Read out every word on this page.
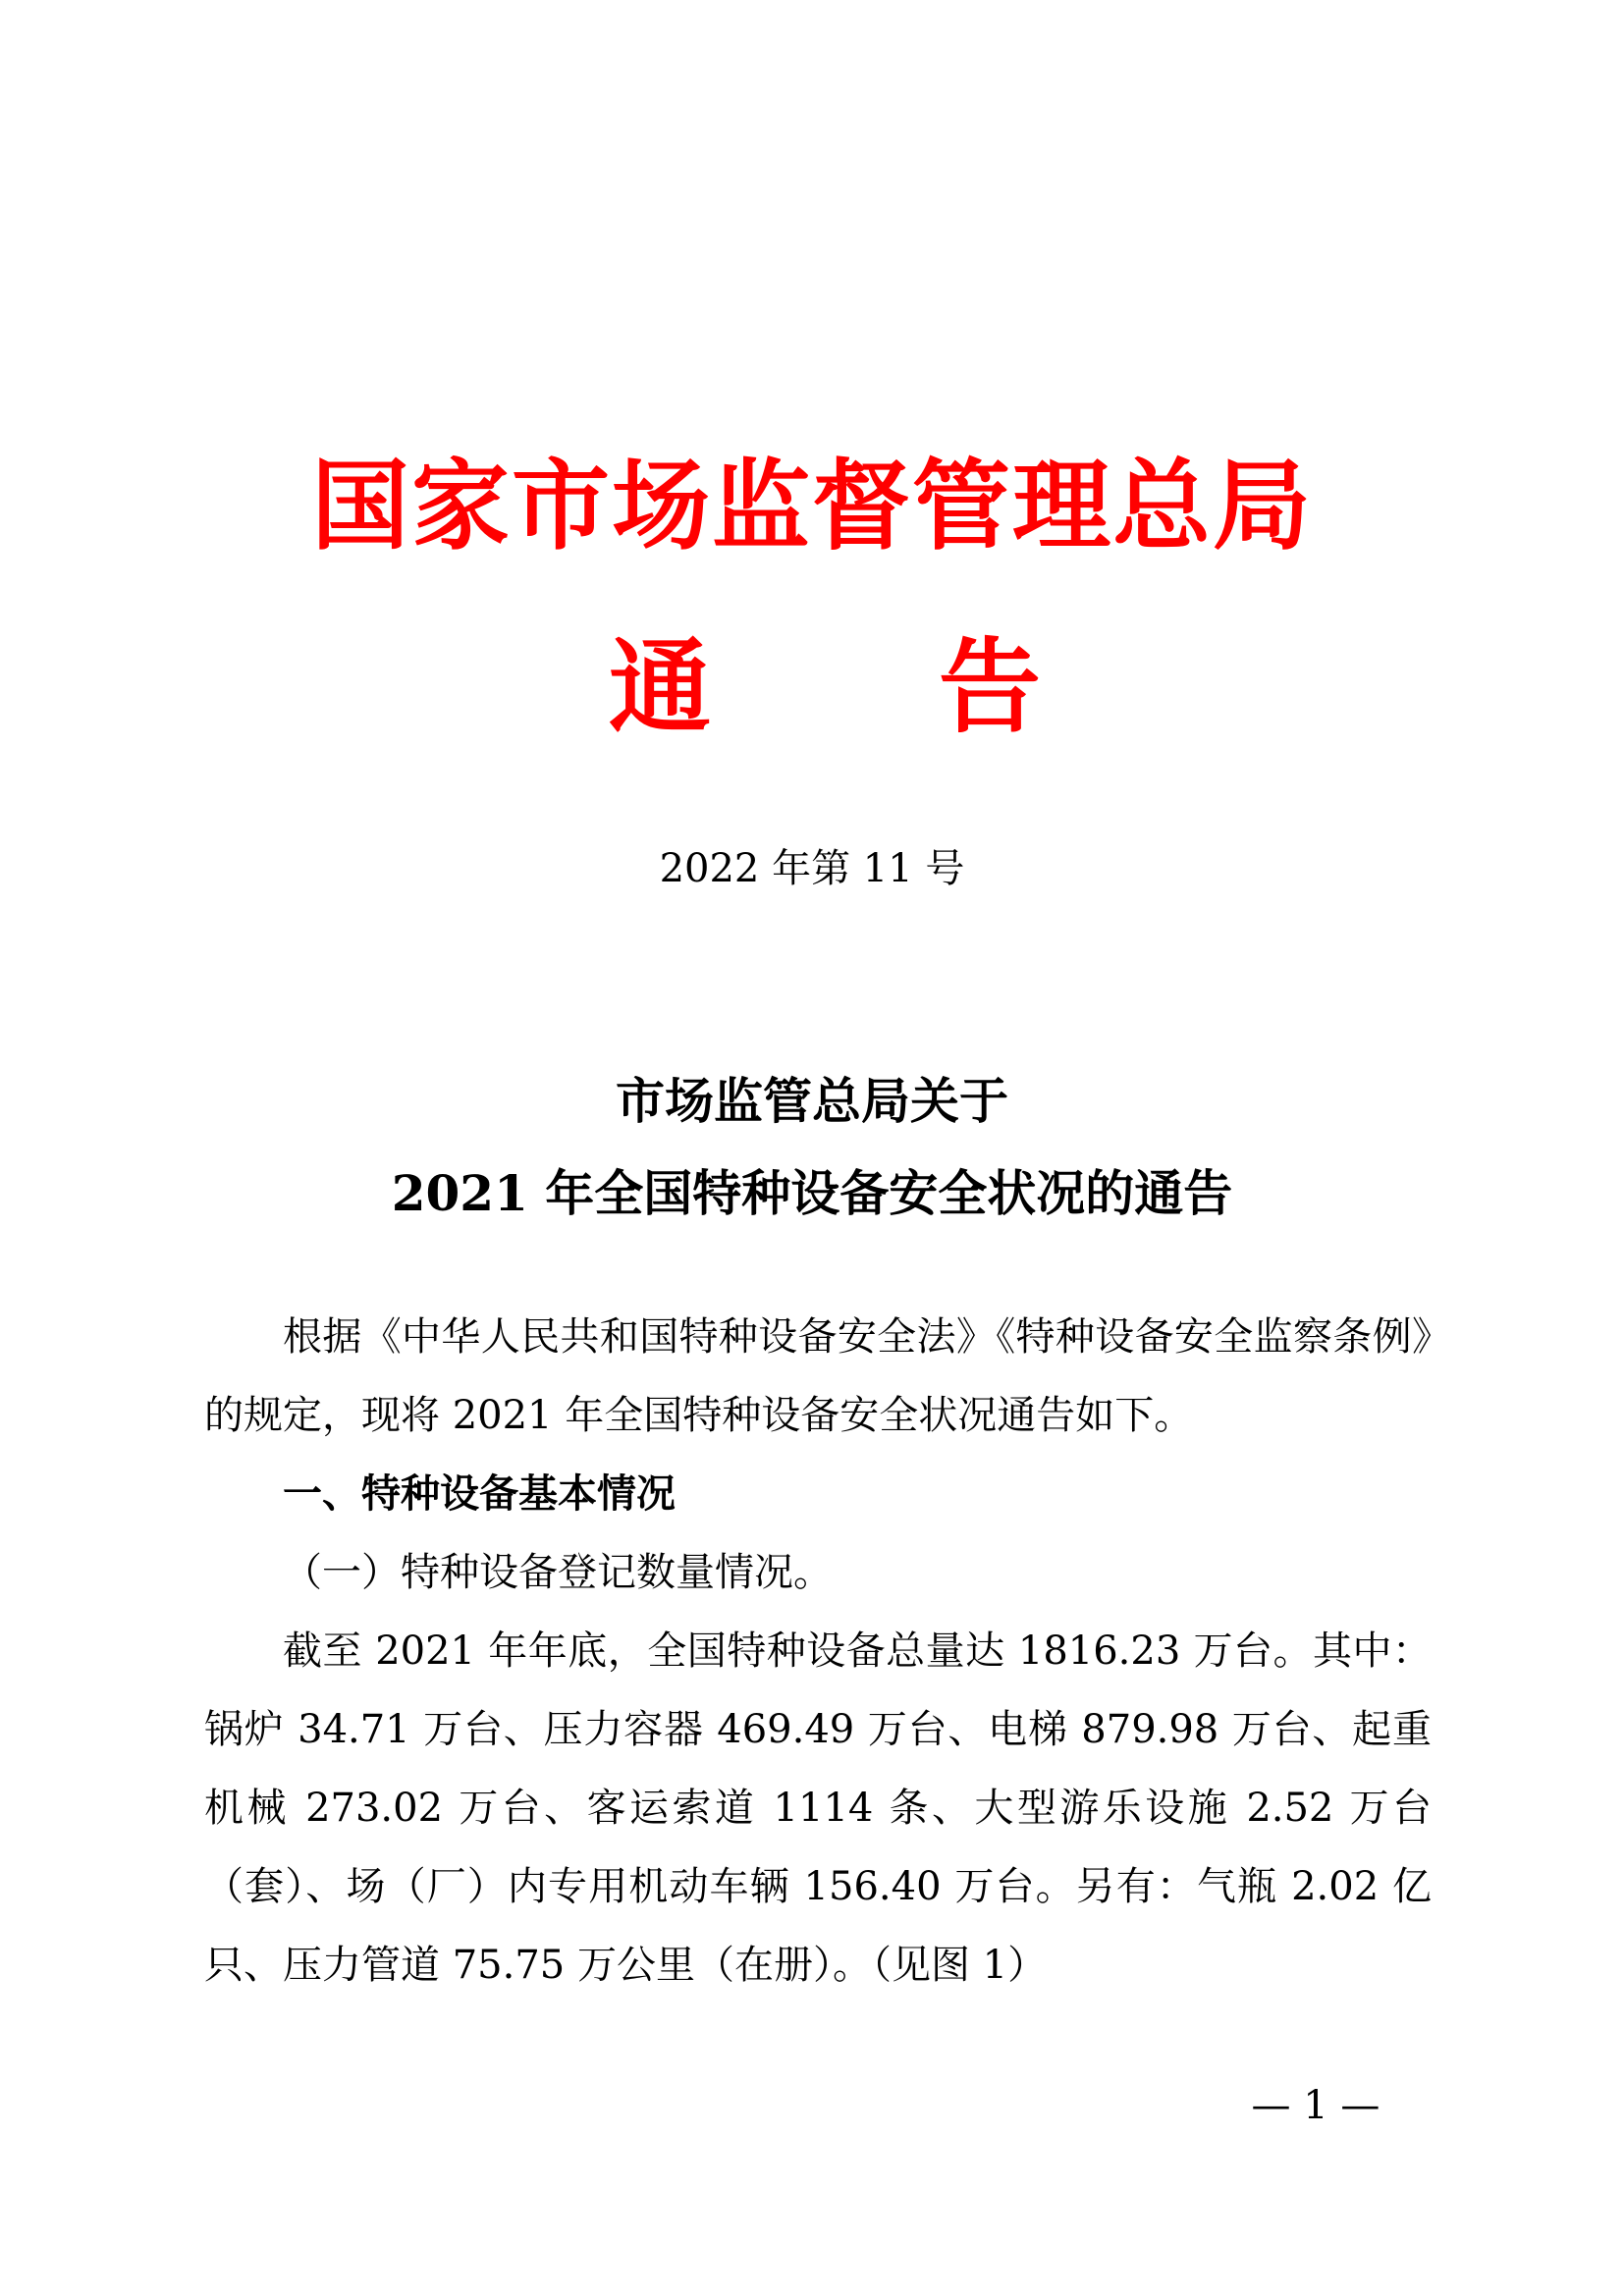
国家市场监督管理总局
通 告
2022 年第 11 号
市场监管总局关于
2021 年全国特种设备安全状况的通告

根据《中华人民共和国特种设备安全法》《特种设备安全监察条例》的规定，现将 2021 年全国特种设备安全状况通告如下。

一、特种设备基本情况

（一）特种设备登记数量情况。

截至 2021 年年底，全国特种设备总量达 1816.23 万台。其中：锅炉 34.71 万台、压力容器 469.49 万台、电梯 879.98 万台、起重机械 273.02 万台、客运索道 1114 条、大型游乐设施 2.52 万台（套）、场（厂）内专用机动车辆 156.40 万台。另有：气瓶 2.02 亿只、压力管道 75.75 万公里（在册）。（见图 1）

— 1 —
